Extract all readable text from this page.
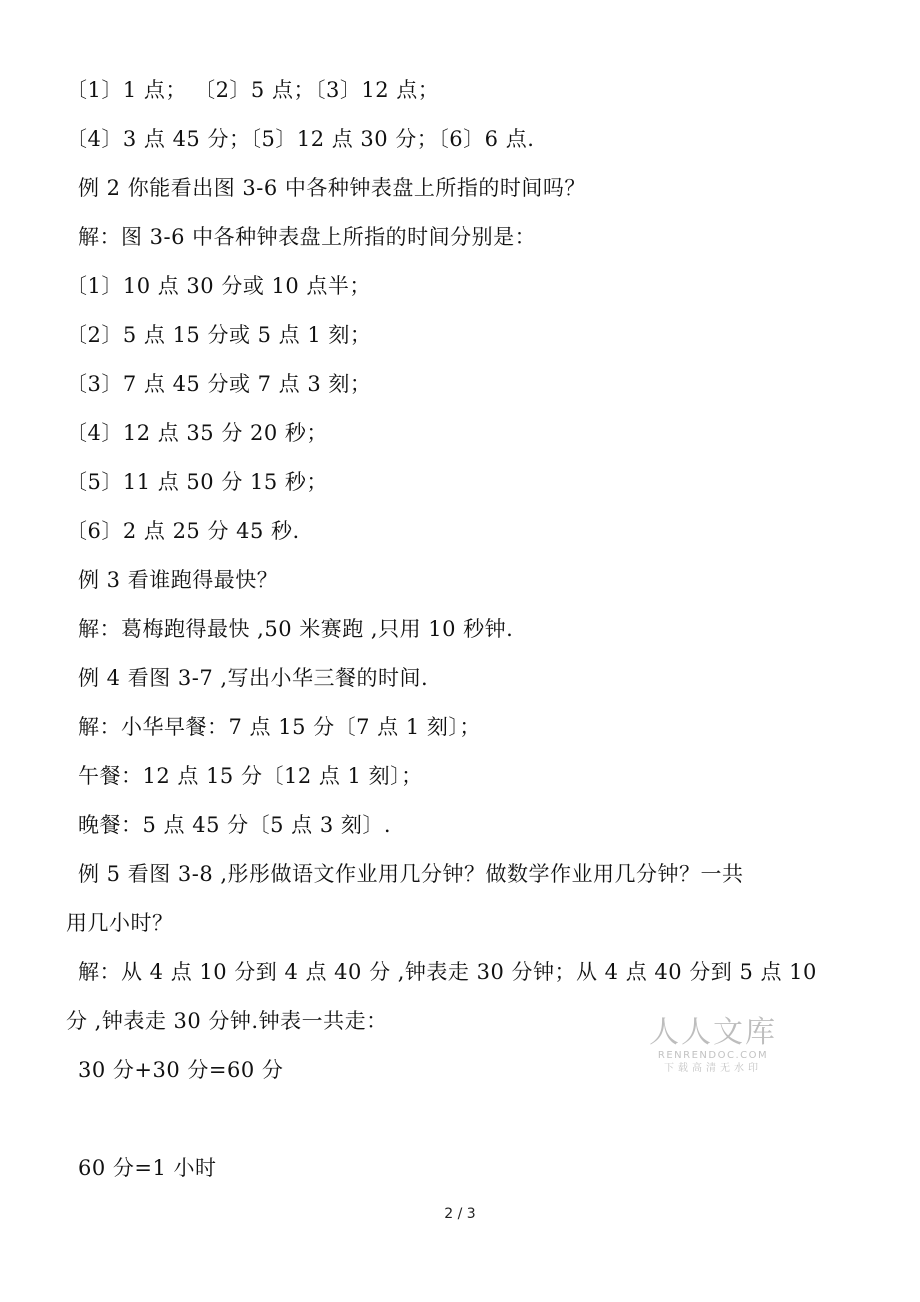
〔1〕1 点； 〔2〕5 点；〔3〕12 点；
〔4〕3 点 45 分；〔5〕12 点 30 分；〔6〕6 点.
例 2 你能看出图 3-6 中各种钟表盘上所指的时间吗？
解：图 3-6 中各种钟表盘上所指的时间分别是：
〔1〕10 点 30 分或 10 点半；
〔2〕5 点 15 分或 5 点 1 刻；
〔3〕7 点 45 分或 7 点 3 刻；
〔4〕12 点 35 分 20 秒；
〔5〕11 点 50 分 15 秒；
〔6〕2 点 25 分 45 秒.
例 3 看谁跑得最快？
解：葛梅跑得最快 ,50 米赛跑 ,只用 10 秒钟.
例 4 看图 3-7 ,写出小华三餐的时间.
解：小华早餐：7 点 15 分〔7 点 1 刻〕；
午餐：12 点 15 分〔12 点 1 刻〕；
晚餐：5 点 45 分〔5 点 3 刻〕.
例 5 看图 3-8 ,彤彤做语文作业用几分钟？做数学作业用几分钟？一共
用几小时？
解：从 4 点 10 分到 4 点 40 分 ,钟表走 30 分钟；从 4 点 40 分到 5 点 10
分 ,钟表走 30 分钟.钟表一共走：
30 分+30 分=60 分
60 分=1 小时
人人文库
RENRENDOC.COM
下载高清无水印
2 / 3
